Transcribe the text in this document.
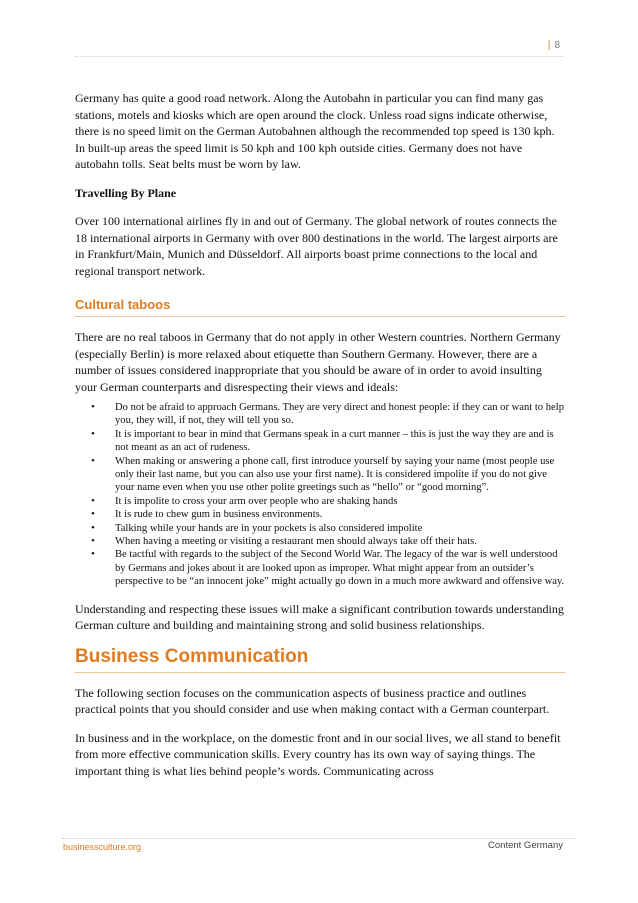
| 8

Germany has quite a good road network. Along the Autobahn in particular you can find many gas stations, motels and kiosks which are open around the clock. Unless road signs indicate otherwise, there is no speed limit on the German Autobahnen although the recommended top speed is 130 kph. In built-up areas the speed limit is 50 kph and 100 kph outside cities. Germany does not have autobahn tolls. Seat belts must be worn by law.

Travelling By Plane

Over 100 international airlines fly in and out of Germany. The global network of routes connects the 18 international airports in Germany with over 800 destinations in the world. The largest airports are in Frankfurt/Main, Munich and Düsseldorf. All airports boast prime connections to the local and regional transport network.

Cultural taboos

There are no real taboos in Germany that do not apply in other Western countries. Northern Germany (especially Berlin) is more relaxed about etiquette than Southern Germany. However, there are a number of issues considered inappropriate that you should be aware of in order to avoid insulting your German counterparts and disrespecting their views and ideals:

• Do not be afraid to approach Germans. They are very direct and honest people: if they can or want to help you, they will, if not, they will tell you so.
• It is important to bear in mind that Germans speak in a curt manner – this is just the way they are and is not meant as an act of rudeness.
• When making or answering a phone call, first introduce yourself by saying your name (most people use only their last name, but you can also use your first name). It is considered impolite if you do not give your name even when you use other polite greetings such as “hello” or “good morning”.
• It is impolite to cross your arm over people who are shaking hands
• It is rude to chew gum in business environments.
• Talking while your hands are in your pockets is also considered impolite
• When having a meeting or visiting a restaurant men should always take off their hats.
• Be tactful with regards to the subject of the Second World War. The legacy of the war is well understood by Germans and jokes about it are looked upon as improper. What might appear from an outsider’s perspective to be “an innocent joke” might actually go down in a much more awkward and offensive way.

Understanding and respecting these issues will make a significant contribution towards understanding German culture and building and maintaining strong and solid business relationships.

Business Communication

The following section focuses on the communication aspects of business practice and outlines practical points that you should consider and use when making contact with a German counterpart.

In business and in the workplace, on the domestic front and in our social lives, we all stand to benefit from more effective communication skills. Every country has its own way of saying things. The important thing is what lies behind people’s words. Communicating across

businessculture.org	Content Germany
